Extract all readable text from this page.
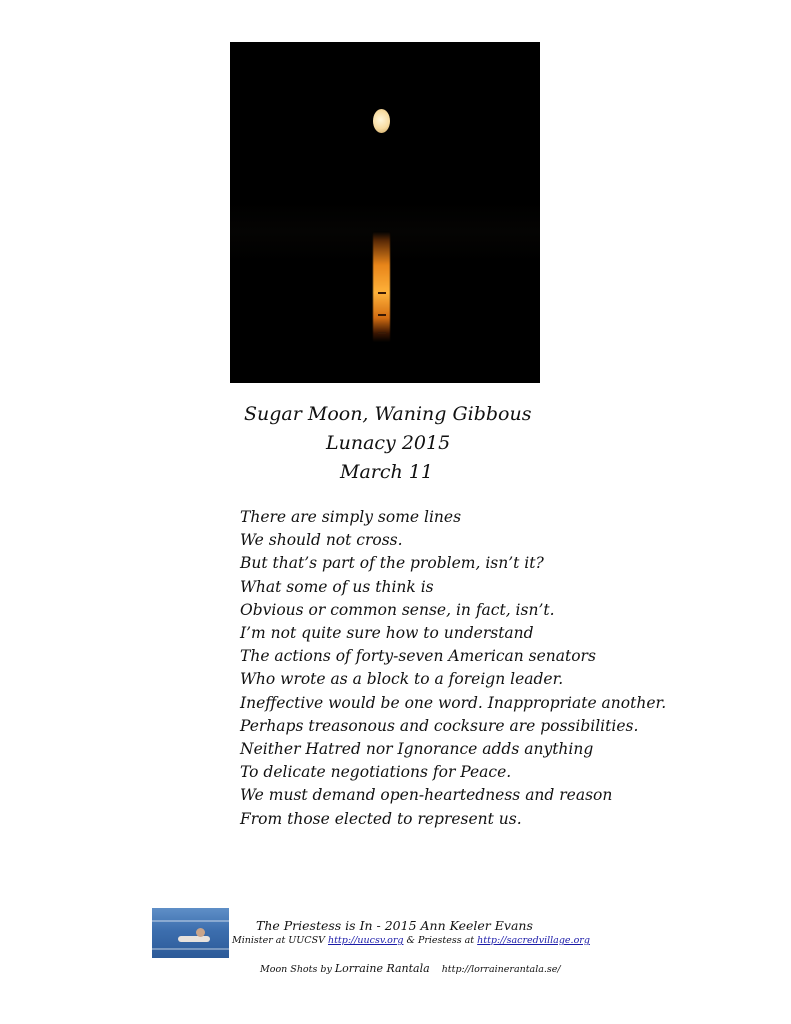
Sugar Moon, Waning Gibbous
Lunacy 2015
March 11
There are simply some lines
We should not cross.
But that’s part of the problem, isn’t it?
What some of us think is
Obvious or common sense, in fact, isn’t.
I’m not quite sure how to understand
The actions of forty-seven American senators
Who wrote as a block to a foreign leader.
Ineffective would be one word. Inappropriate another.
Perhaps treasonous and cocksure are possibilities.
Neither Hatred nor Ignorance adds anything
To delicate negotiations for Peace.
We must demand open-heartedness and reason
From those elected to represent us.
The Priestess is In - 2015 Ann Keeler Evans
Minister at UUCSV http://uucsv.org & Priestess at http://sacredvillage.org
Moon Shots by Lorraine Rantala http://lorrainerantala.se/
